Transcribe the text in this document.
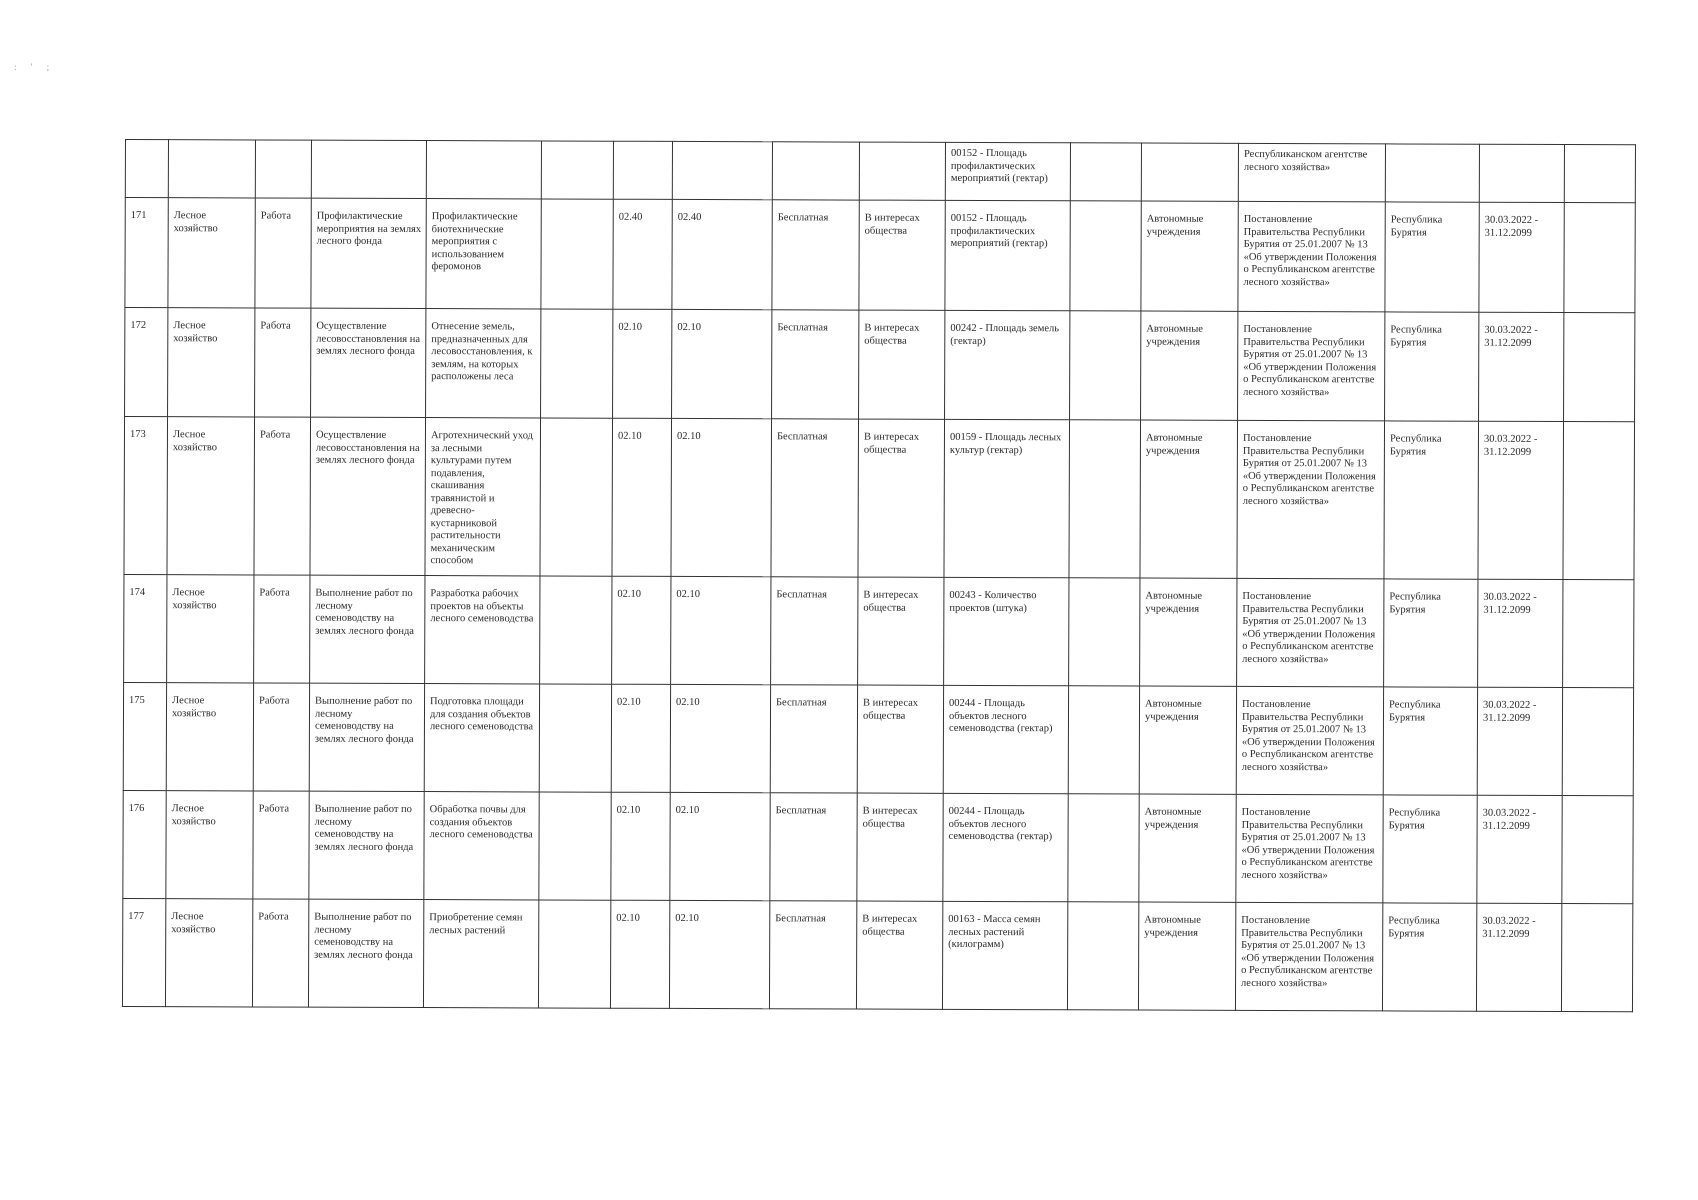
: ' ;
										00152 - Площадь профилактических мероприятий (гектар)			Республиканском агентстве лесного хозяйства»			
171	Лесное хозяйство	Работа	Профилактические мероприятия на землях лесного фонда	Профилактические биотехнические мероприятия с использованием феромонов		02.40	02.40	Бесплатная	В интересах общества	00152 - Площадь профилактических мероприятий (гектар)		Автономные учреждения	Постановление Правительства Республики Бурятия от 25.01.2007 № 13 «Об утверждении Положения о Республиканском агентстве лесного хозяйства»	Республика Бурятия	30.03.2022 - 31.12.2099	
172	Лесное хозяйство	Работа	Осуществление лесовосстановления на землях лесного фонда	Отнесение земель, предназначенных для лесовосстановления, к землям, на которых расположены леса		02.10	02.10	Бесплатная	В интересах общества	00242 - Площадь земель (гектар)		Автономные учреждения	Постановление Правительства Республики Бурятия от 25.01.2007 № 13 «Об утверждении Положения о Республиканском агентстве лесного хозяйства»	Республика Бурятия	30.03.2022 - 31.12.2099	
173	Лесное хозяйство	Работа	Осуществление лесовосстановления на землях лесного фонда	Агротехнический уход за лесными культурами путем подавления, скашивания травянистой и древесно-кустарниковой растительности механическим способом		02.10	02.10	Бесплатная	В интересах общества	00159 - Площадь лесных культур (гектар)		Автономные учреждения	Постановление Правительства Республики Бурятия от 25.01.2007 № 13 «Об утверждении Положения о Республиканском агентстве лесного хозяйства»	Республика Бурятия	30.03.2022 - 31.12.2099	
174	Лесное хозяйство	Работа	Выполнение работ по лесному семеноводству на землях лесного фонда	Разработка рабочих проектов на объекты лесного семеноводства		02.10	02.10	Бесплатная	В интересах общества	00243 - Количество проектов (штука)		Автономные учреждения	Постановление Правительства Республики Бурятия от 25.01.2007 № 13 «Об утверждении Положения о Республиканском агентстве лесного хозяйства»	Республика Бурятия	30.03.2022 - 31.12.2099	
175	Лесное хозяйство	Работа	Выполнение работ по лесному семеноводству на землях лесного фонда	Подготовка площади для создания объектов лесного семеноводства		02.10	02.10	Бесплатная	В интересах общества	00244 - Площадь объектов лесного семеноводства (гектар)		Автономные учреждения	Постановление Правительства Республики Бурятия от 25.01.2007 № 13 «Об утверждении Положения о Республиканском агентстве лесного хозяйства»	Республика Бурятия	30.03.2022 - 31.12.2099	
176	Лесное хозяйство	Работа	Выполнение работ по лесному семеноводству на землях лесного фонда	Обработка почвы для создания объектов лесного семеноводства		02.10	02.10	Бесплатная	В интересах общества	00244 - Площадь объектов лесного семеноводства (гектар)		Автономные учреждения	Постановление Правительства Республики Бурятия от 25.01.2007 № 13 «Об утверждении Положения о Республиканском агентстве лесного хозяйства»	Республика Бурятия	30.03.2022 - 31.12.2099	
177	Лесное хозяйство	Работа	Выполнение работ по лесному семеноводству на землях лесного фонда	Приобретение семян лесных растений		02.10	02.10	Бесплатная	В интересах общества	00163 - Масса семян лесных растений (килограмм)		Автономные учреждения	Постановление Правительства Республики Бурятия от 25.01.2007 № 13 «Об утверждении Положения о Республиканском агентстве лесного хозяйства»	Республика Бурятия	30.03.2022 - 31.12.2099	
